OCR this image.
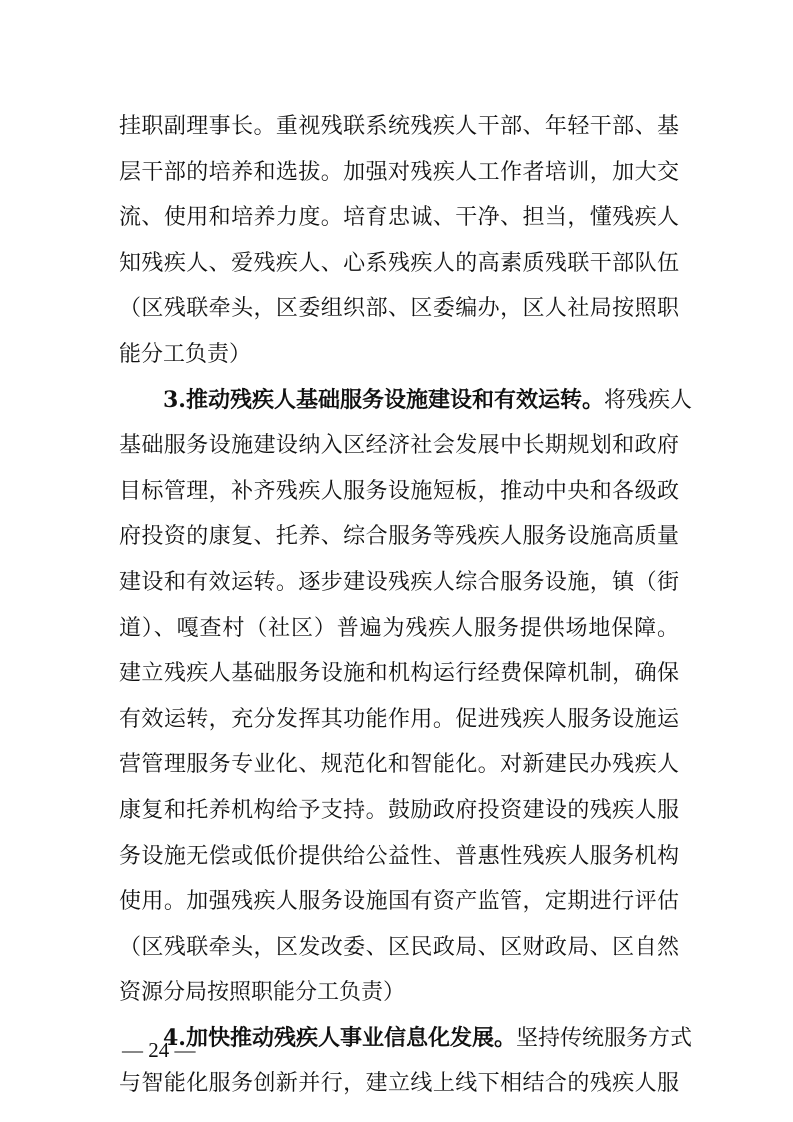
挂职副理事长。重视残联系统残疾人干部、年轻干部、基
层干部的培养和选拔。加强对残疾人工作者培训，加大交
流、使用和培养力度。培育忠诚、干净、担当，懂残疾人
知残疾人、爱残疾人、心系残疾人的高素质残联干部队伍
（区残联牵头，区委组织部、区委编办，区人社局按照职
能分工负责）
3.推动残疾人基础服务设施建设和有效运转。将残疾人
基础服务设施建设纳入区经济社会发展中长期规划和政府
目标管理，补齐残疾人服务设施短板，推动中央和各级政
府投资的康复、托养、综合服务等残疾人服务设施高质量
建设和有效运转。逐步建设残疾人综合服务设施，镇（街
道）、嘎查村（社区）普遍为残疾人服务提供场地保障。
建立残疾人基础服务设施和机构运行经费保障机制，确保
有效运转，充分发挥其功能作用。促进残疾人服务设施运
营管理服务专业化、规范化和智能化。对新建民办残疾人
康复和托养机构给予支持。鼓励政府投资建设的残疾人服
务设施无偿或低价提供给公益性、普惠性残疾人服务机构
使用。加强残疾人服务设施国有资产监管，定期进行评估
（区残联牵头，区发改委、区民政局、区财政局、区自然
资源分局按照职能分工负责）
4.加快推动残疾人事业信息化发展。坚持传统服务方式
与智能化服务创新并行，建立线上线下相结合的残疾人服
— 24 —
